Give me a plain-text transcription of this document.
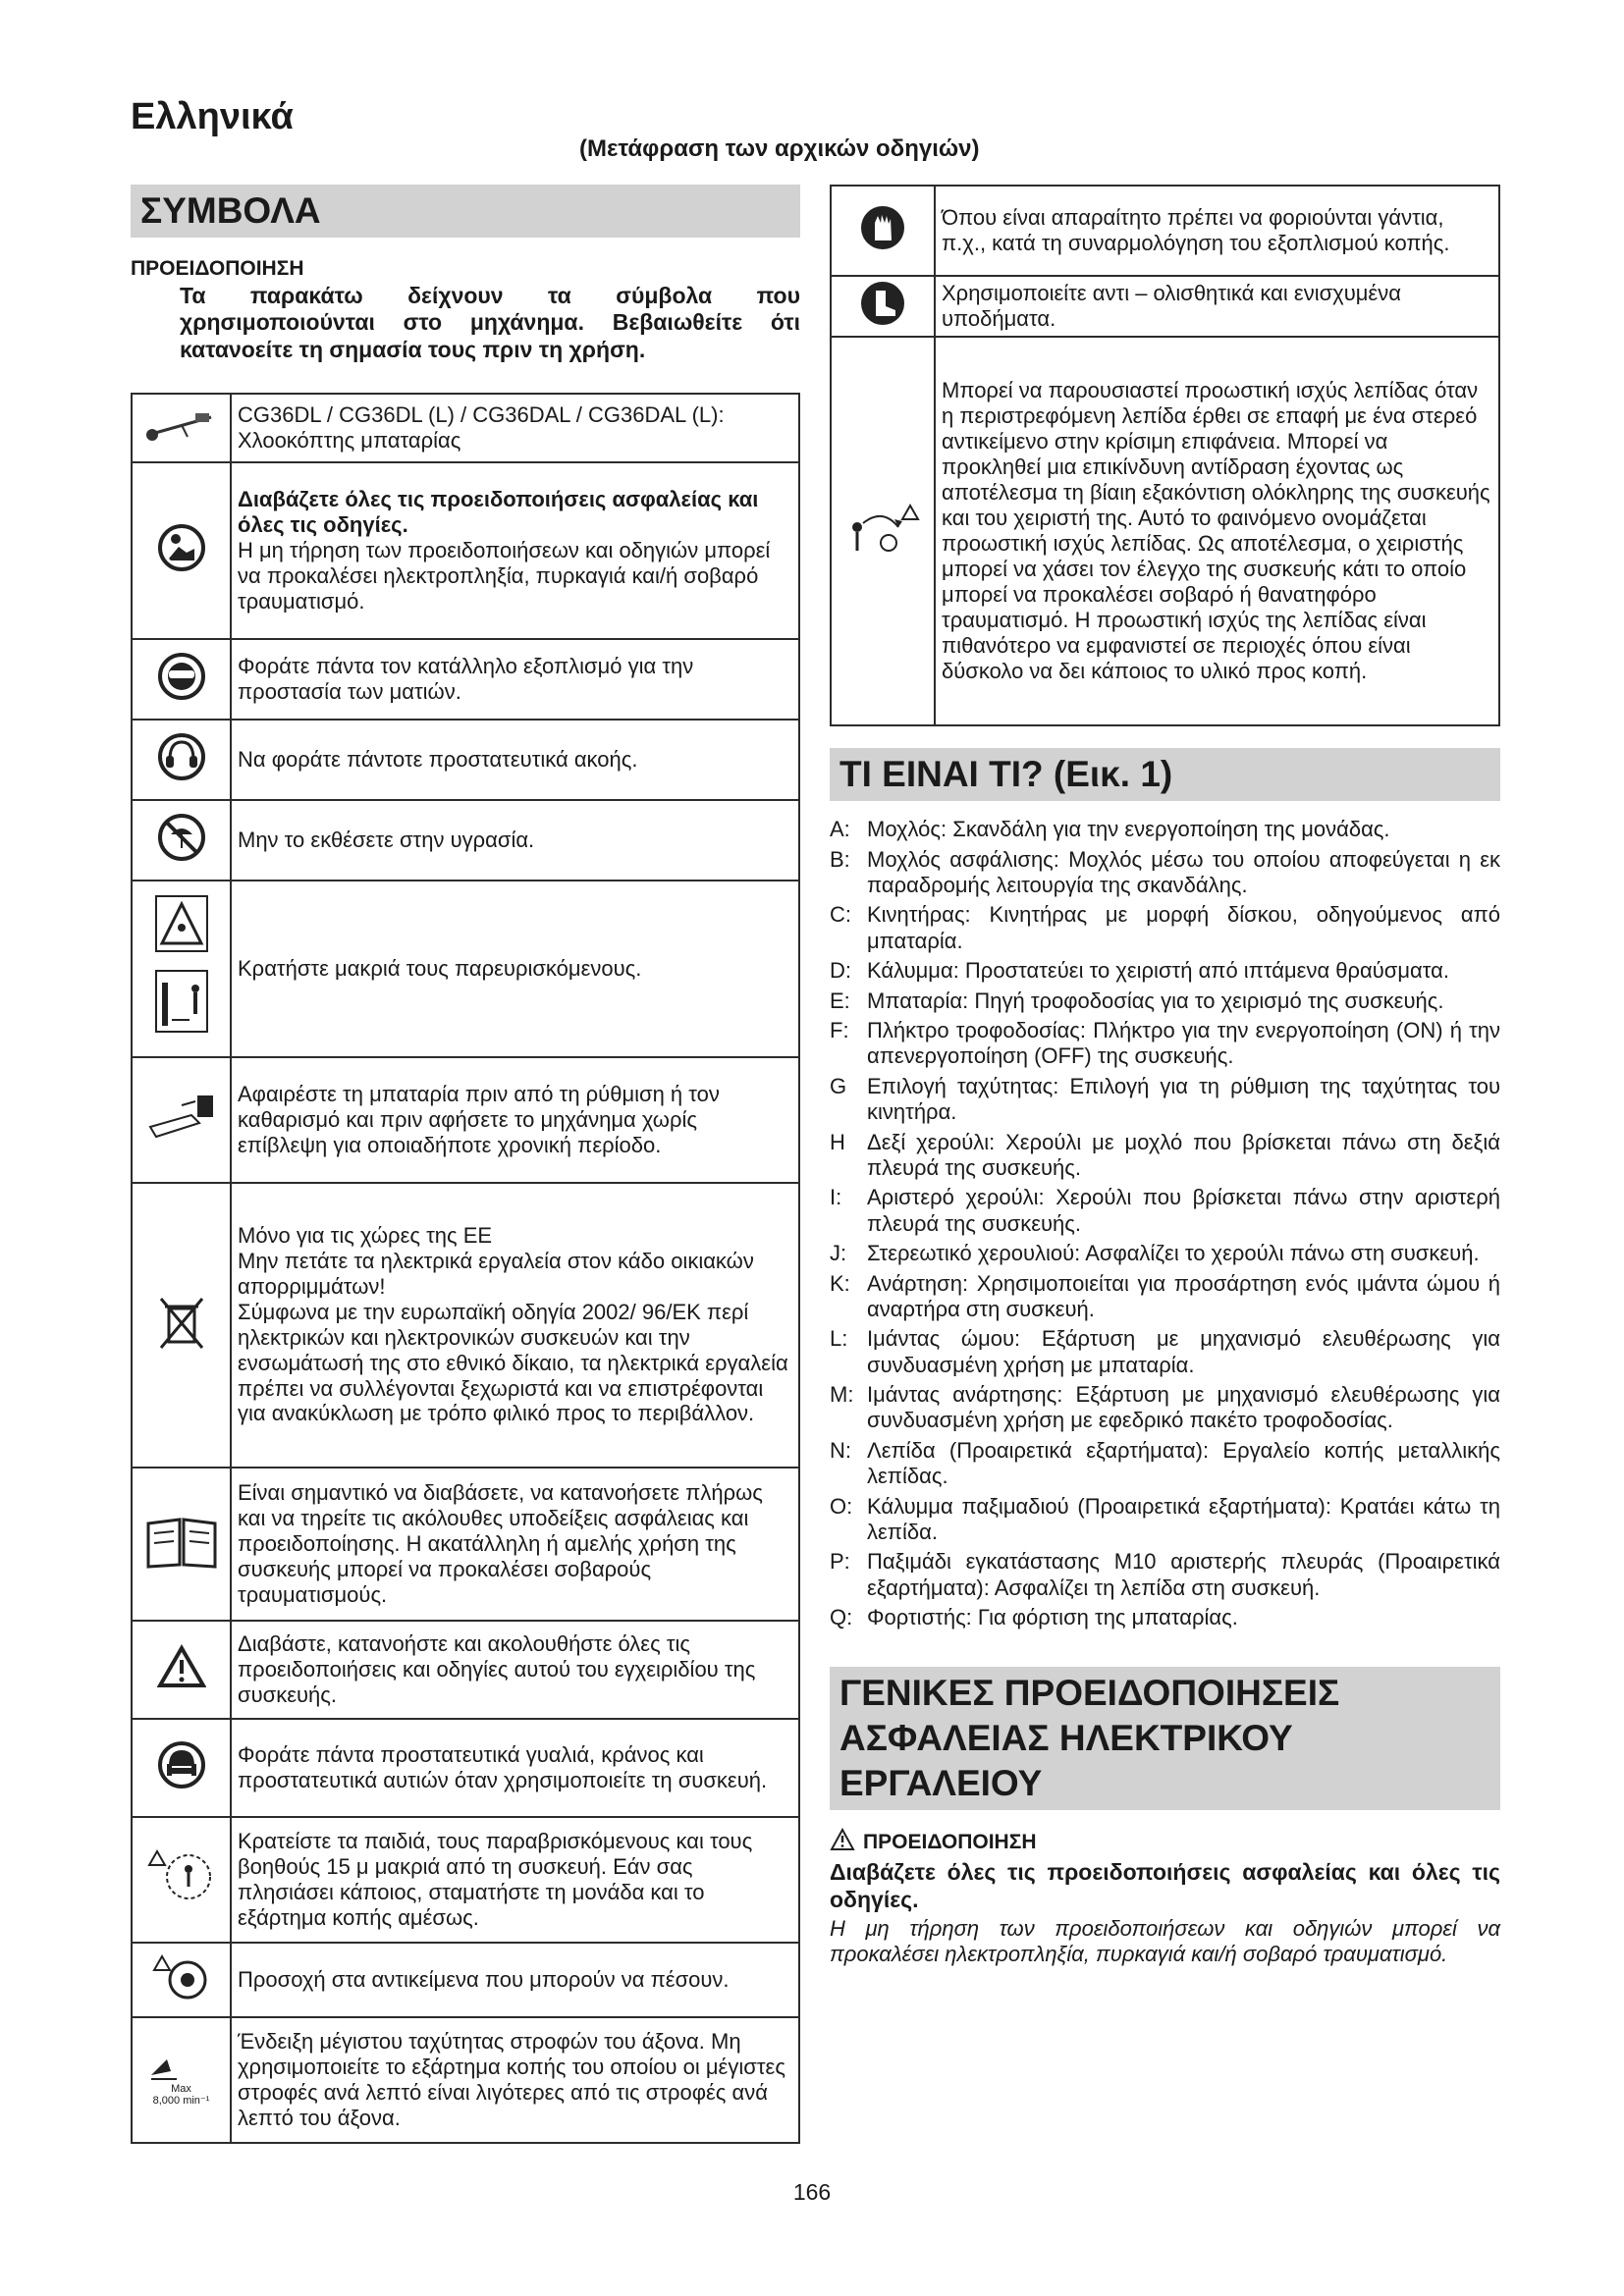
Ελληνικά
(Μετάφραση των αρχικών οδηγιών)
ΣΥΜΒΟΛΑ
ΠΡΟΕΙΔΟΠΟΙΗΣΗ
Τα παρακάτω δείχνουν τα σύμβολα που χρησιμοποιούνται στο μηχάνημα. Βεβαιωθείτε ότι κατανοείτε τη σημασία τους πριν τη χρήση.
	CG36DL / CG36DL (L) / CG36DAL / CG36DAL (L): Χλοοκόπτης μπαταρίας

	Διαβάζετε όλες τις προειδοποιήσεις ασφαλείας και όλες τις οδηγίες.
Η μη τήρηση των προειδοποιήσεων και οδηγιών μπορεί να προκαλέσει ηλεκτροπληξία, πυρκαγιά και/ή σοβαρό τραυματισμό.

	Φοράτε πάντα τον κατάλληλο εξοπλισμό για την προστασία των ματιών.

	Να φοράτε πάντοτε προστατευτικά ακοής.

	Μην το εκθέσετε στην υγρασία.

	Κρατήστε μακριά τους παρευρισκόμενους.

	Αφαιρέστε τη μπαταρία πριν από τη ρύθμιση ή τον καθαρισμό και πριν αφήσετε το μηχάνημα χωρίς επίβλεψη για οποιαδήποτε χρονική περίοδο.

	Μόνο για τις χώρες της ΕΕ
Μην πετάτε τα ηλεκτρικά εργαλεία στον κάδο οικιακών απορριμμάτων!
Σύμφωνα με την ευρωπαϊκή οδηγία 2002/ 96/ΕΚ περί ηλεκτρικών και ηλεκτρονικών συσκευών και την ενσωμάτωσή της στο εθνικό δίκαιο, τα ηλεκτρικά εργαλεία πρέπει να συλλέγονται ξεχωριστά και να επιστρέφονται για ανακύκλωση με τρόπο φιλικό προς το περιβάλλον.

	Είναι σημαντικό να διαβάσετε, να κατανοήσετε πλήρως και να τηρείτε τις ακόλουθες υποδείξεις ασφάλειας και προειδοποίησης. Η ακατάλληλη ή αμελής χρήση της συσκευής μπορεί να προκαλέσει σοβαρούς τραυματισμούς.

	Διαβάστε, κατανοήστε και ακολουθήστε όλες τις προειδοποιήσεις και οδηγίες αυτού του εγχειριδίου της συσκευής.

	Φοράτε πάντα προστατευτικά γυαλιά, κράνος και προστατευτικά αυτιών όταν χρησιμοποιείτε τη συσκευή.

	Κρατείστε τα παιδιά, τους παραβρισκόμενους και τους βοηθούς 15 μ μακριά από τη συσκευή. Εάν σας πλησιάσει κάποιος, σταματήστε τη μονάδα και το εξάρτημα κοπής αμέσως.

	Προσοχή στα αντικείμενα που μπορούν να πέσουν.

Max
8,000 min⁻¹	Ένδειξη μέγιστου ταχύτητας στροφών του άξονα. Μη χρησιμοποιείτε το εξάρτημα κοπής του οποίου οι μέγιστες στροφές ανά λεπτό είναι λιγότερες από τις στροφές ανά λεπτό του άξονα.
	Όπου είναι απαραίτητο πρέπει να φοριούνται γάντια, π.χ., κατά τη συναρμολόγηση του εξοπλισμού κοπής.

	Χρησιμοποιείτε αντι – ολισθητικά και ενισχυμένα υποδήματα.

	Μπορεί να παρουσιαστεί προωστική ισχύς λεπίδας όταν η περιστρεφόμενη λεπίδα έρθει σε επαφή με ένα στερεό αντικείμενο στην κρίσιμη επιφάνεια. Μπορεί να προκληθεί μια επικίνδυνη αντίδραση έχοντας ως αποτέλεσμα τη βίαιη εξακόντιση ολόκληρης της συσκευής και του χειριστή της. Αυτό το φαινόμενο ονομάζεται προωστική ισχύς λεπίδας. Ως αποτέλεσμα, ο χειριστής μπορεί να χάσει τον έλεγχο της συσκευής κάτι το οποίο μπορεί να προκαλέσει σοβαρό ή θανατηφόρο τραυματισμό. Η προωστική ισχύς της λεπίδας είναι πιθανότερο να εμφανιστεί σε περιοχές όπου είναι δύσκολο να δει κάποιος το υλικό προς κοπή.
ΤΙ ΕΙΝΑΙ ΤΙ? (Εικ. 1)
A: Μοχλός: Σκανδάλη για την ενεργοποίηση της μονάδας.
B: Μοχλός ασφάλισης: Μοχλός μέσω του οποίου αποφεύγεται η εκ παραδρομής λειτουργία της σκανδάλης.
C: Κινητήρας: Κινητήρας με μορφή δίσκου, οδηγούμενος από μπαταρία.
D: Κάλυμμα: Προστατεύει το χειριστή από ιπτάμενα θραύσματα.
E: Μπαταρία: Πηγή τροφοδοσίας για το χειρισμό της συσκευής.
F: Πλήκτρο τροφοδοσίας: Πλήκτρο για την ενεργοποίηση (ON) ή την απενεργοποίηση (OFF) της συσκευής.
G Επιλογή ταχύτητας: Επιλογή για τη ρύθμιση της ταχύτητας του κινητήρα.
H	Δεξί χερούλι: Χερούλι με μοχλό που βρίσκεται πάνω στη δεξιά πλευρά της συσκευής.
I:	Αριστερό χερούλι: Χερούλι που βρίσκεται πάνω στην αριστερή πλευρά της συσκευής.
J: Στερεωτικό χερουλιού: Ασφαλίζει το χερούλι πάνω στη συσκευή.
K: Ανάρτηση: Χρησιμοποιείται για προσάρτηση ενός ιμάντα ώμου ή αναρτήρα στη συσκευή.
L: Ιμάντας ώμου: Εξάρτυση με μηχανισμό ελευθέρωσης για συνδυασμένη χρήση με μπαταρία.
M: Ιμάντας ανάρτησης: Εξάρτυση με μηχανισμό ελευθέρωσης για συνδυασμένη χρήση με εφεδρικό πακέτο τροφοδοσίας.
N: Λεπίδα (Προαιρετικά εξαρτήματα): Εργαλείο κοπής μεταλλικής λεπίδας.
O: Κάλυμμα παξιμαδιού (Προαιρετικά εξαρτήματα): Κρατάει κάτω τη λεπίδα.
P: Παξιμάδι εγκατάστασης M10 αριστερής πλευράς (Προαιρετικά εξαρτήματα): Ασφαλίζει τη λεπίδα στη συσκευή.
Q: Φορτιστής: Για φόρτιση της μπαταρίας.
ΓΕΝΙΚΕΣ ΠΡΟΕΙΔΟΠΟΙΗΣΕΙΣ
ΑΣΦΑΛΕΙΑΣ ΗΛΕΚΤΡΙΚΟΥ ΕΡΓΑΛΕΙΟΥ
ΠΡΟΕΙΔΟΠΟΙΗΣΗ
Διαβάζετε όλες τις προειδοποιήσεις ασφαλείας και όλες τις οδηγίες.
Η μη τήρηση των προειδοποιήσεων και οδηγιών μπορεί να προκαλέσει ηλεκτροπληξία, πυρκαγιά και/ή σοβαρό τραυματισμό.
166
